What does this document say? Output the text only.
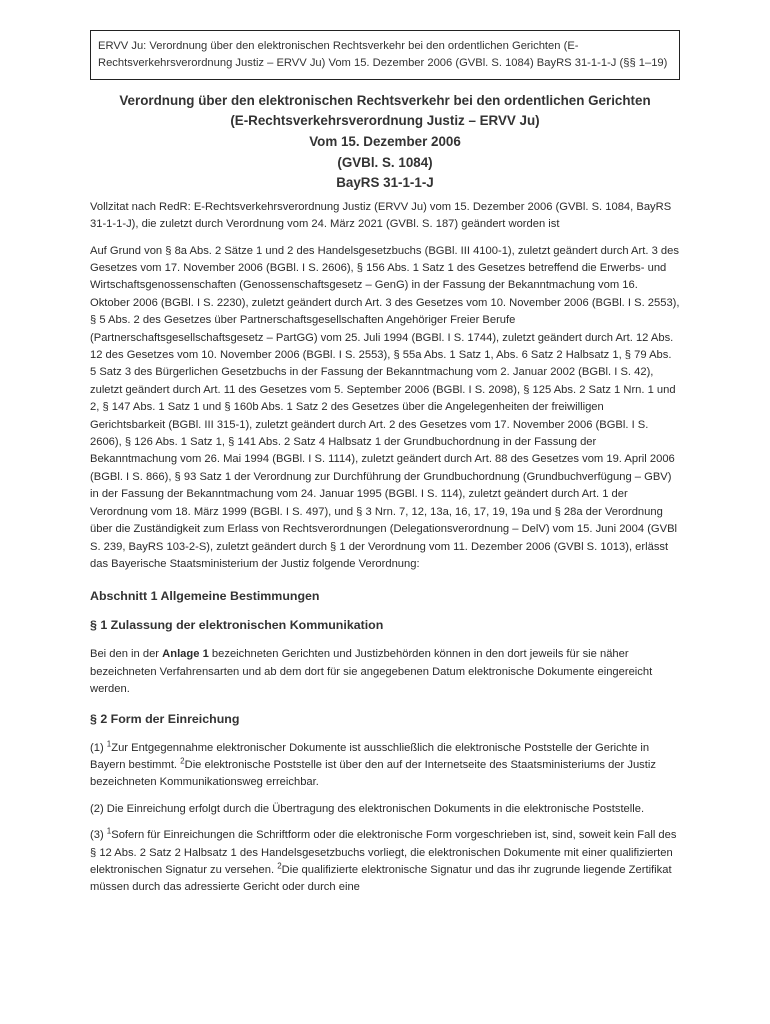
ERVV Ju: Verordnung über den elektronischen Rechtsverkehr bei den ordentlichen Gerichten (E-Rechtsverkehrsverordnung Justiz – ERVV Ju) Vom 15. Dezember 2006 (GVBl. S. 1084) BayRS 31-1-1-J (§§ 1–19)
Verordnung über den elektronischen Rechtsverkehr bei den ordentlichen Gerichten
(E-Rechtsverkehrsverordnung Justiz – ERVV Ju)
Vom 15. Dezember 2006
(GVBl. S. 1084)
BayRS 31-1-1-J

Vollzitat nach RedR: E-Rechtsverkehrsverordnung Justiz (ERVV Ju) vom 15. Dezember 2006 (GVBl. S. 1084, BayRS 31-1-1-J), die zuletzt durch Verordnung vom 24. März 2021 (GVBl. S. 187) geändert worden ist

Auf Grund von § 8a Abs. 2 Sätze 1 und 2 des Handelsgesetzbuchs (BGBl. III 4100-1), zuletzt geändert durch Art. 3 des Gesetzes vom 17. November 2006 (BGBl. I S. 2606), § 156 Abs. 1 Satz 1 des Gesetzes betreffend die Erwerbs- und Wirtschaftsgenossenschaften (Genossenschaftsgesetz – GenG) in der Fassung der Bekanntmachung vom 16. Oktober 2006 (BGBl. I S. 2230), zuletzt geändert durch Art. 3 des Gesetzes vom 10. November 2006 (BGBl. I S. 2553), § 5 Abs. 2 des Gesetzes über Partnerschaftsgesellschaften Angehöriger Freier Berufe (Partnerschaftsgesellschaftsgesetz – PartGG) vom 25. Juli 1994 (BGBl. I S. 1744), zuletzt geändert durch Art. 12 Abs. 12 des Gesetzes vom 10. November 2006 (BGBl. I S. 2553), § 55a Abs. 1 Satz 1, Abs. 6 Satz 2 Halbsatz 1, § 79 Abs. 5 Satz 3 des Bürgerlichen Gesetzbuchs in der Fassung der Bekanntmachung vom 2. Januar 2002 (BGBl. I S. 42), zuletzt geändert durch Art. 11 des Gesetzes vom 5. September 2006 (BGBl. I S. 2098), § 125 Abs. 2 Satz 1 Nrn. 1 und 2, § 147 Abs. 1 Satz 1 und § 160b Abs. 1 Satz 2 des Gesetzes über die Angelegenheiten der freiwilligen Gerichtsbarkeit (BGBl. III 315-1), zuletzt geändert durch Art. 2 des Gesetzes vom 17. November 2006 (BGBl. I S. 2606), § 126 Abs. 1 Satz 1, § 141 Abs. 2 Satz 4 Halbsatz 1 der Grundbuchordnung in der Fassung der Bekanntmachung vom 26. Mai 1994 (BGBl. I S. 1114), zuletzt geändert durch Art. 88 des Gesetzes vom 19. April 2006 (BGBl. I S. 866), § 93 Satz 1 der Verordnung zur Durchführung der Grundbuchordnung (Grundbuchverfügung – GBV) in der Fassung der Bekanntmachung vom 24. Januar 1995 (BGBl. I S. 114), zuletzt geändert durch Art. 1 der Verordnung vom 18. März 1999 (BGBl. I S. 497), und § 3 Nrn. 7, 12, 13a, 16, 17, 19, 19a und § 28a der Verordnung über die Zuständigkeit zum Erlass von Rechtsverordnungen (Delegationsverordnung – DelV) vom 15. Juni 2004 (GVBl S. 239, BayRS 103-2-S), zuletzt geändert durch § 1 der Verordnung vom 11. Dezember 2006 (GVBl S. 1013), erlässt das Bayerische Staatsministerium der Justiz folgende Verordnung:

Abschnitt 1 Allgemeine Bestimmungen
§ 1 Zulassung der elektronischen Kommunikation

Bei den in der Anlage 1 bezeichneten Gerichten und Justizbehörden können in den dort jeweils für sie näher bezeichneten Verfahrensarten und ab dem dort für sie angegebenen Datum elektronische Dokumente eingereicht werden.

§ 2 Form der Einreichung

(1) $^1$Zur Entgegennahme elektronischer Dokumente ist ausschließlich die elektronische Poststelle der Gerichte in Bayern bestimmt. $^2$Die elektronische Poststelle ist über den auf der Internetseite des Staatsministeriums der Justiz bezeichneten Kommunikationsweg erreichbar.

(2) Die Einreichung erfolgt durch die Übertragung des elektronischen Dokuments in die elektronische Poststelle.

(3) $^1$Sofern für Einreichungen die Schriftform oder die elektronische Form vorgeschrieben ist, sind, soweit kein Fall des § 12 Abs. 2 Satz 2 Halbsatz 1 des Handelsgesetzbuchs vorliegt, die elektronischen Dokumente mit einer qualifizierten elektronischen Signatur zu versehen. $^2$Die qualifizierte elektronische Signatur und das ihr zugrunde liegende Zertifikat müssen durch das adressierte Gericht oder durch eine
